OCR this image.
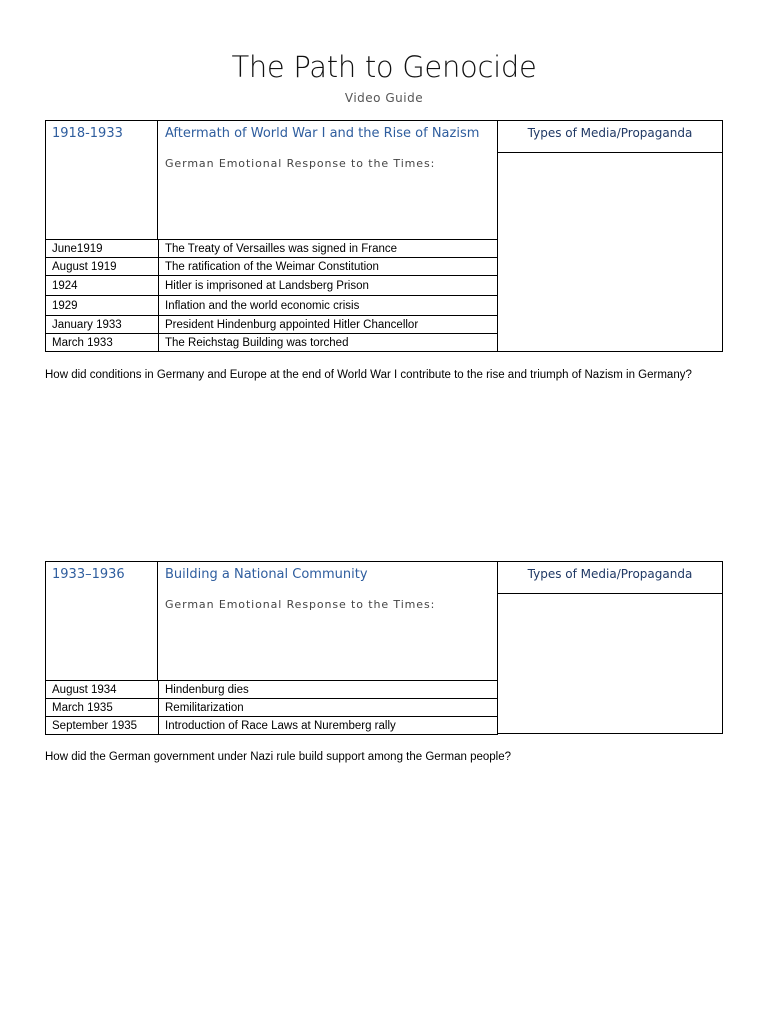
The Path to Genocide
Video Guide
1918-1933	Aftermath of World War I and the Rise of Nazism
German Emotional Response to the Times:
Types of Media/Propaganda
June1919	The Treaty of Versailles was signed in France
August 1919	The ratification of the Weimar Constitution
1924	Hitler is imprisoned at Landsberg Prison
1929	Inflation and the world economic crisis
January 1933	President Hindenburg appointed Hitler Chancellor
March 1933	The Reichstag Building was torched
How did conditions in Germany and Europe at the end of World War I contribute to the rise and triumph of Nazism in Germany?
1933–1936	Building a National Community
German Emotional Response to the Times:
Types of Media/Propaganda
August 1934	Hindenburg dies
March 1935	Remilitarization
September 1935	Introduction of Race Laws at Nuremberg rally
How did the German government under Nazi rule build support among the German people?
